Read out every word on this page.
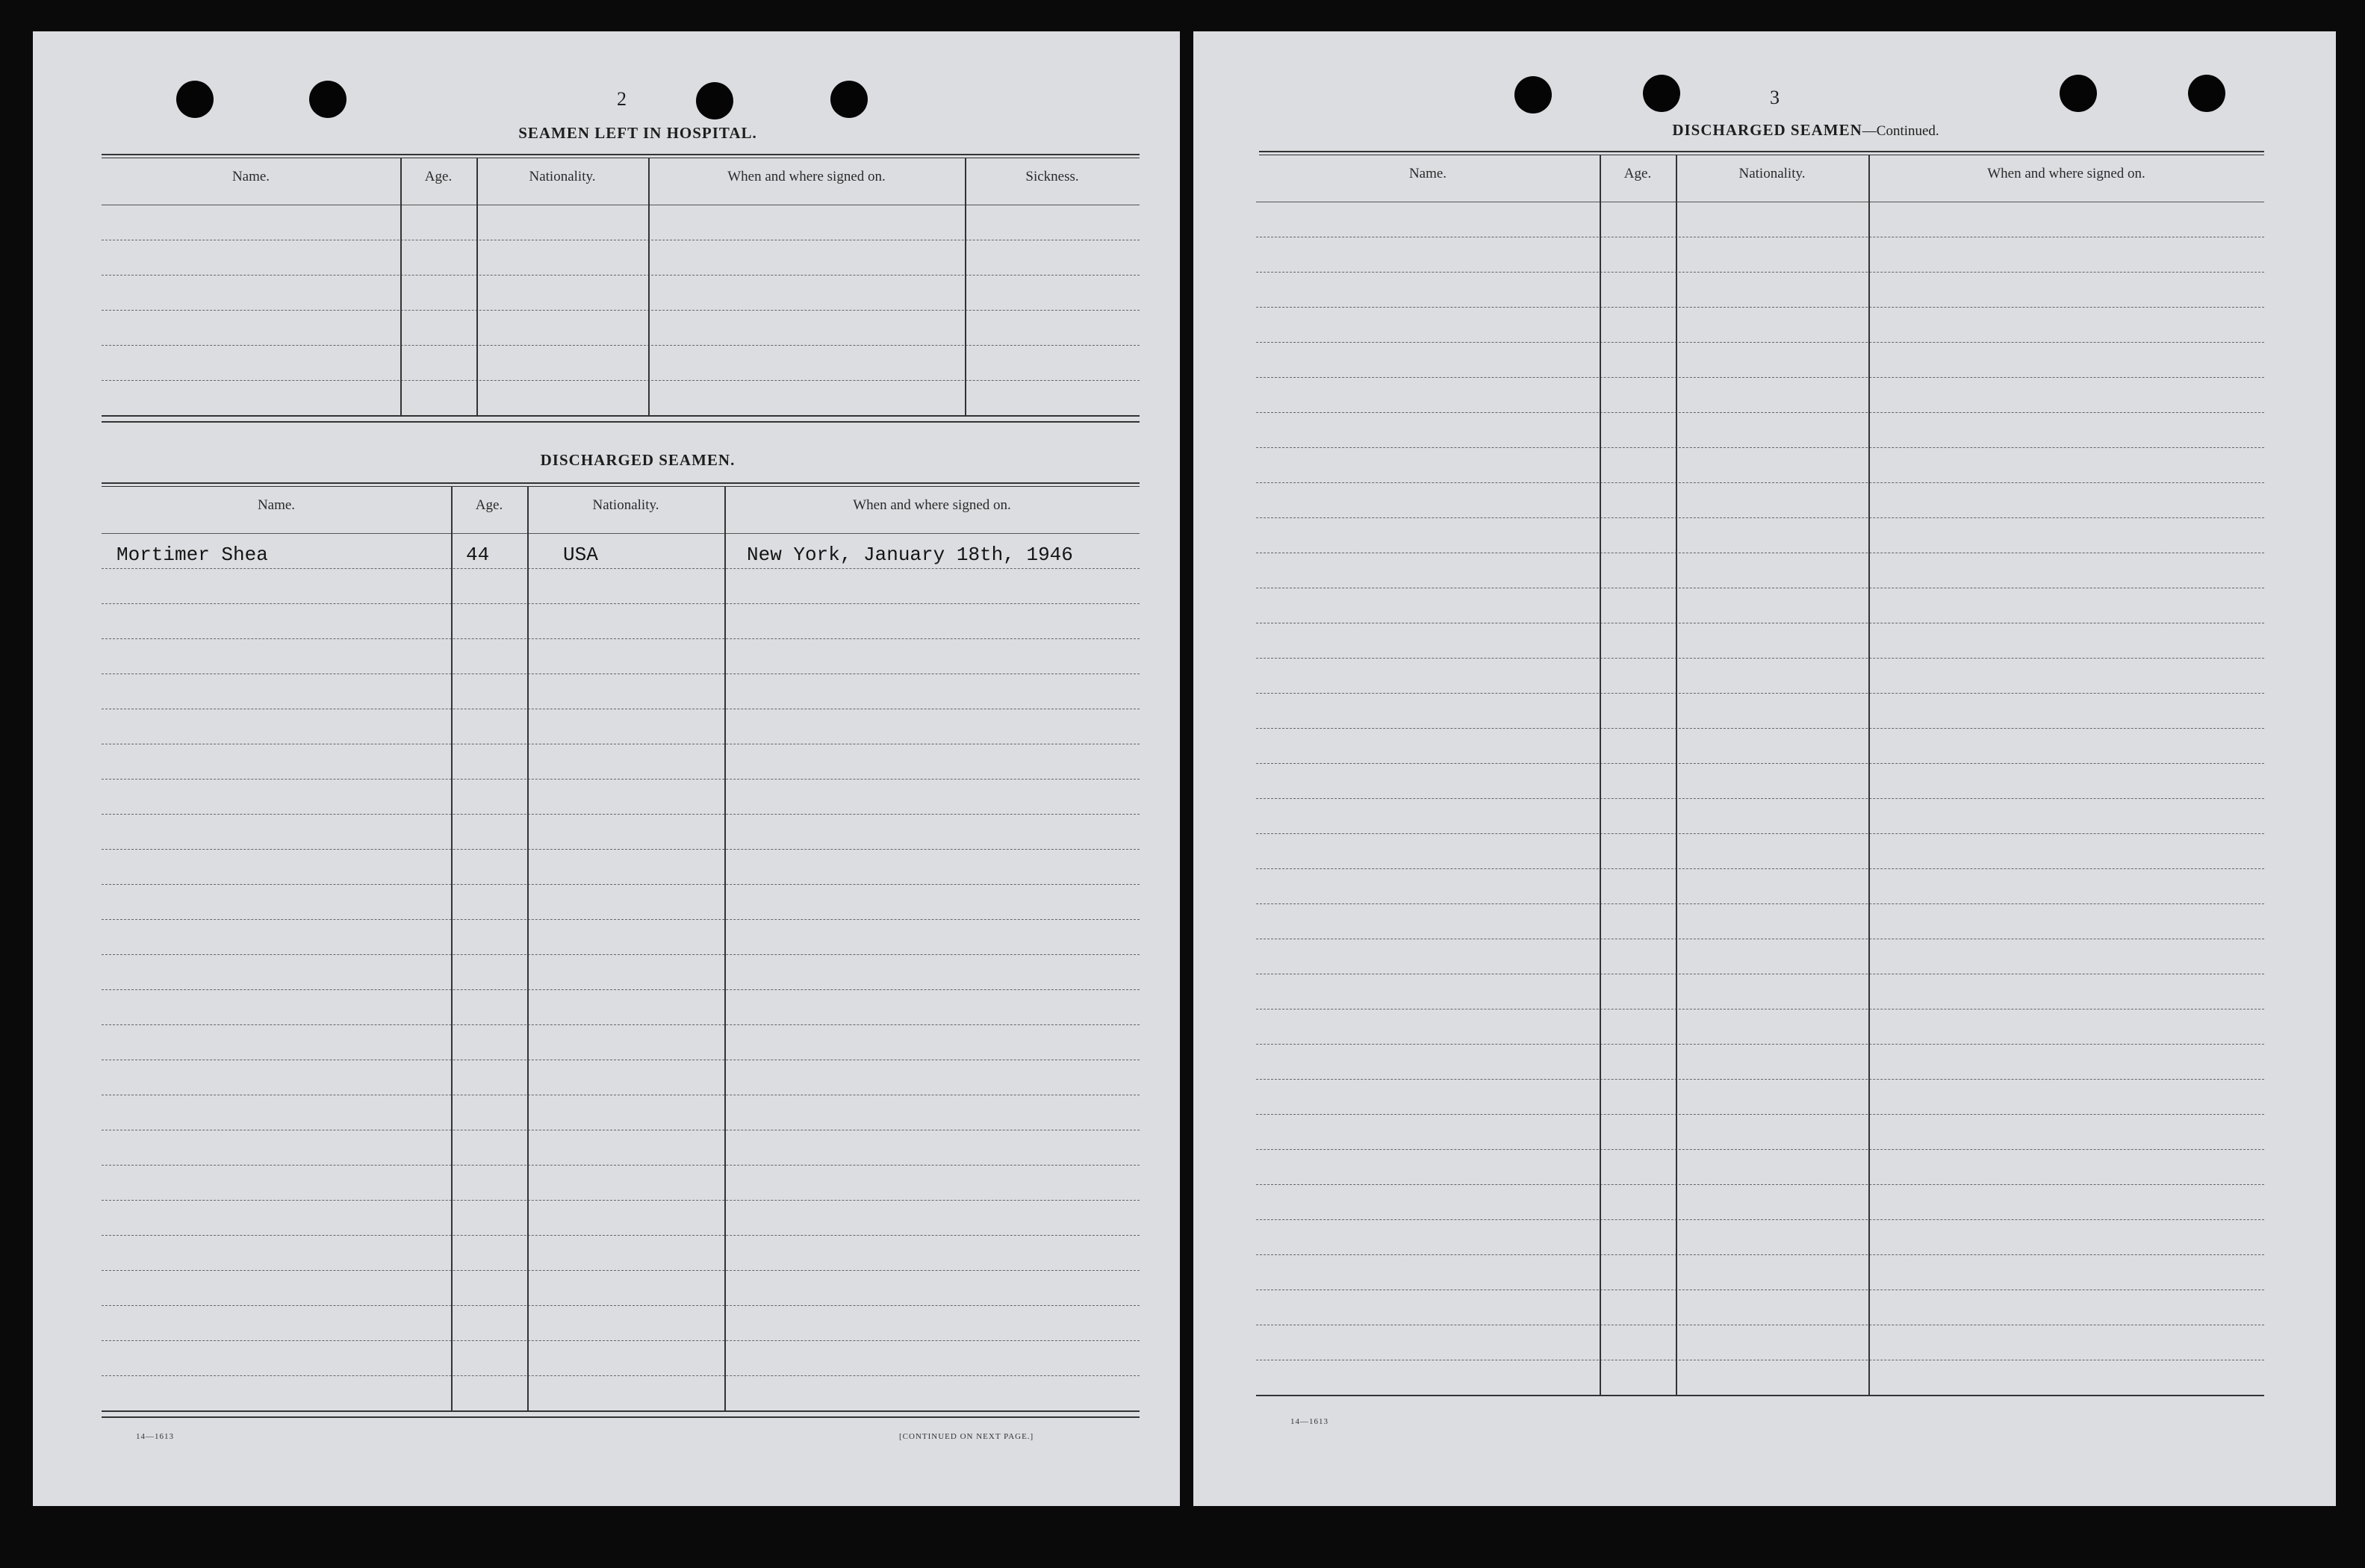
2
SEAMEN LEFT IN HOSPITAL.
Name.	Age.	Nationality.	When and where signed on.	Sickness.
DISCHARGED SEAMEN.
Name.	Age.	Nationality.	When and where signed on.
Mortimer Shea	44	USA	New York, January 18th, 1946
14—1613	[CONTINUED ON NEXT PAGE.]
3
DISCHARGED SEAMEN—Continued.
Name.	Age.	Nationality.	When and where signed on.
14—1613
